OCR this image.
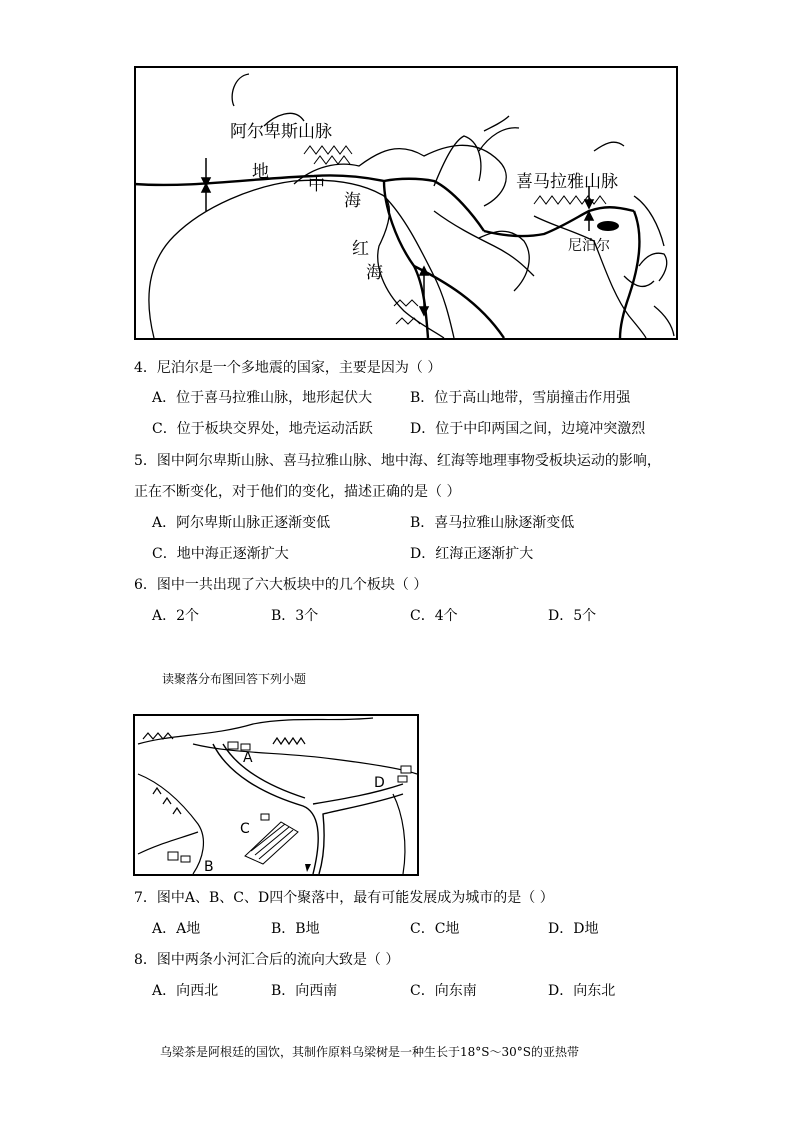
阿尔卑斯山脉
地
中
海
红
海
喜马拉雅山脉
尼泊尔
4．尼泊尔是一个多地震的国家，主要是因为（ ）
A．位于喜马拉雅山脉，地形起伏大	B．位于高山地带，雪崩撞击作用强
C．位于板块交界处，地壳运动活跃	D．位于中印两国之间，边境冲突激烈
5．图中阿尔卑斯山脉、喜马拉雅山脉、地中海、红海等地理事物受板块运动的影响，
正在不断变化，对于他们的变化，描述正确的是（ ）
A．阿尔卑斯山脉正逐渐变低	B．喜马拉雅山脉逐渐变低
C．地中海正逐渐扩大	D．红海正逐渐扩大
6．图中一共出现了六大板块中的几个板块（ ）
A．2个	B．3个	C．4个	D．5个
读聚落分布图回答下列小题
A
B
C
D
7．图中A、B、C、D四个聚落中，最有可能发展成为城市的是（ ）
A．A地	B．B地	C．C地	D．D地
8．图中两条小河汇合后的流向大致是（ ）
A．向西北	B．向西南	C．向东南	D．向东北
乌梁茶是阿根廷的国饮，其制作原料乌梁树是一种生长于18°S～30°S的亚热带
